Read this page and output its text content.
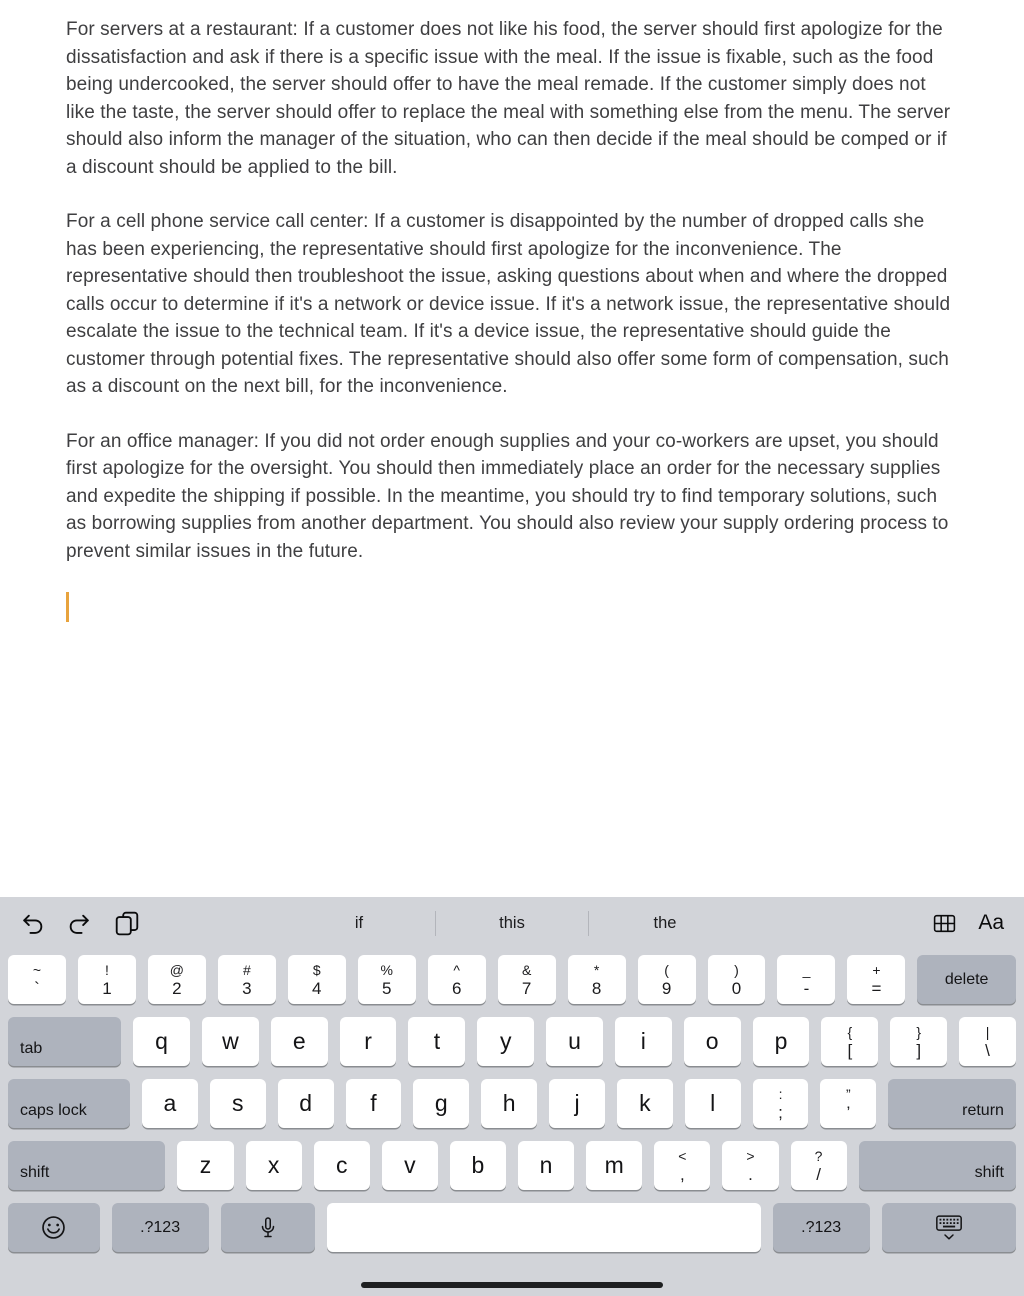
For servers at a restaurant: If a customer does not like his food, the server should first apologize for the dissatisfaction and ask if there is a specific issue with the meal. If the issue is fixable, such as the food being undercooked, the server should offer to have the meal remade. If the customer simply does not like the taste, the server should offer to replace the meal with something else from the menu. The server should also inform the manager of the situation, who can then decide if the meal should be comped or if a discount should be applied to the bill.

For a cell phone service call center: If a customer is disappointed by the number of dropped calls she has been experiencing, the representative should first apologize for the inconvenience. The representative should then troubleshoot the issue, asking questions about when and where the dropped calls occur to determine if it's a network or device issue. If it's a network issue, the representative should escalate the issue to the technical team. If it's a device issue, the representative should guide the customer through potential fixes. The representative should also offer some form of compensation, such as a discount on the next bill, for the inconvenience.

For an office manager: If you did not order enough supplies and your co-workers are upset, you should first apologize for the oversight. You should then immediately place an order for the necessary supplies and expedite the shipping if possible. In the meantime, you should try to find temporary solutions, such as borrowing supplies from another department. You should also review your supply ordering process to prevent similar issues in the future.

if	this	the	Aa
~
`
!
1
@
2
#
3
$
4
%
5
^
6
&
7
*
8
(
9
)
0
_
-
+
=	delete
tab	q w e	r	t	y u	i	o p	{
[
}
]
|
\
caps lock	a s d	f	g h	j	k	l	:
;
”
’	return
shift	z x c v b n m	<
,
>
.
?
/	shift
.?123	.?123
